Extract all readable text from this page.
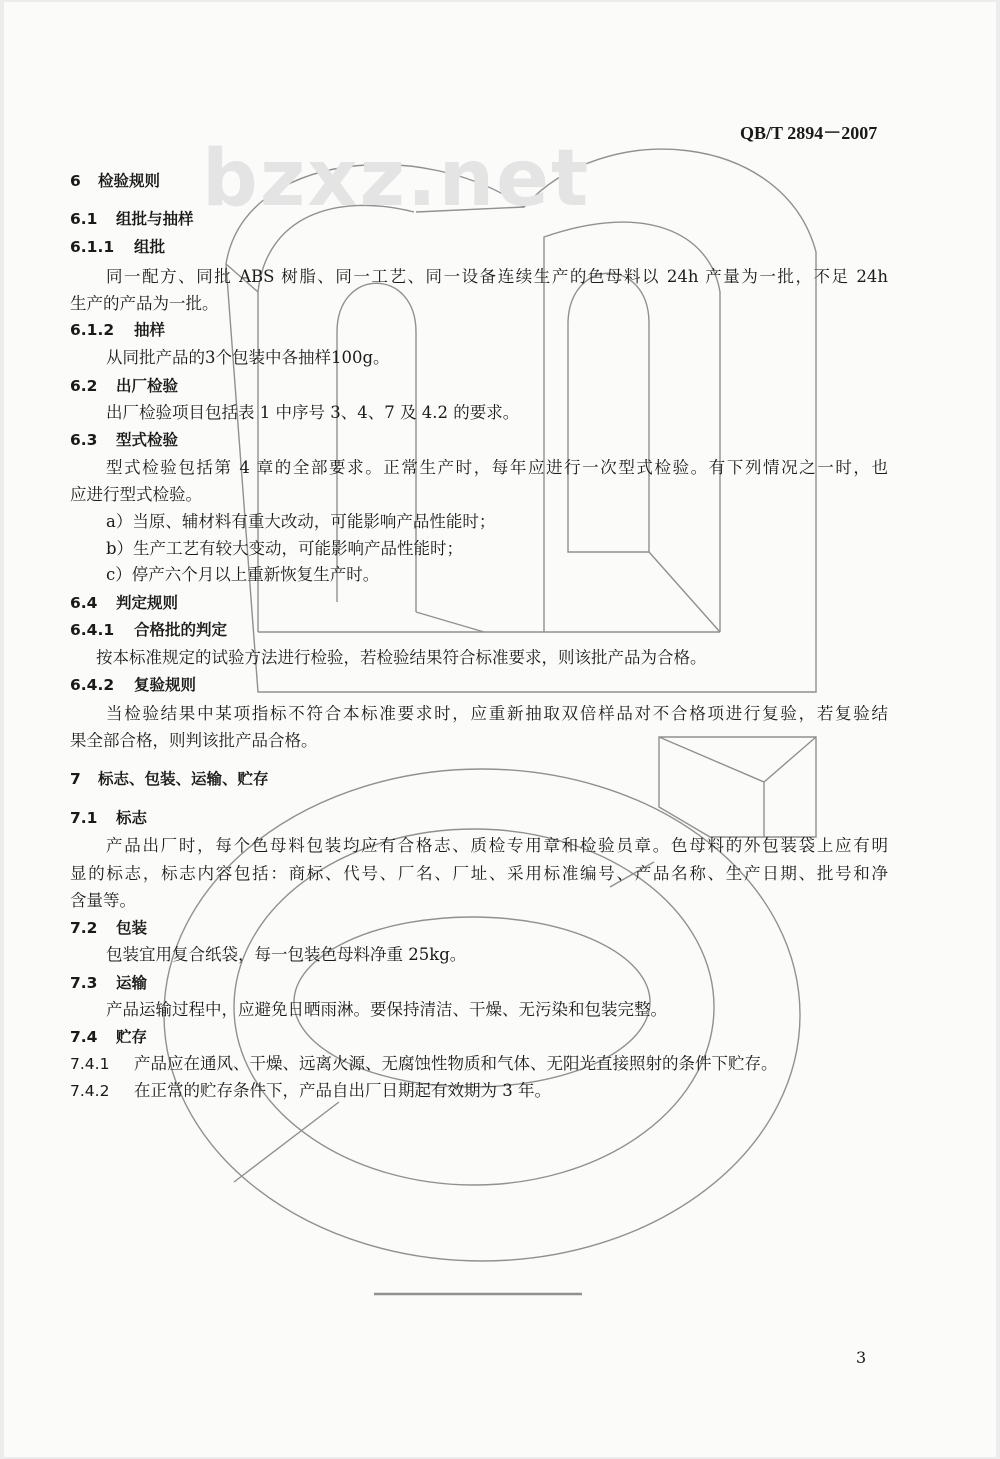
bzxz.net
QB/T 2894－2007
6 检验规则
6.1 组批与抽样
6.1.1 组批
同一配方、同批 ABS 树脂、同一工艺、同一设备连续生产的色母料以 24h 产量为一批，不足 24h
生产的产品为一批。
6.1.2 抽样
从同批产品的3个包装中各抽样100g。
6.2 出厂检验
出厂检验项目包括表 1 中序号 3、4、7 及 4.2 的要求。
6.3 型式检验
型式检验包括第 4 章的全部要求。正常生产时，每年应进行一次型式检验。有下列情况之一时，也
应进行型式检验。
a）当原、辅材料有重大改动，可能影响产品性能时；
b）生产工艺有较大变动，可能影响产品性能时；
c）停产六个月以上重新恢复生产时。
6.4 判定规则
6.4.1 合格批的判定
按本标准规定的试验方法进行检验，若检验结果符合标准要求，则该批产品为合格。
6.4.2 复验规则
当检验结果中某项指标不符合本标准要求时，应重新抽取双倍样品对不合格项进行复验，若复验结
果全部合格，则判该批产品合格。
7 标志、包装、运输、贮存
7.1 标志
产品出厂时，每个色母料包装均应有合格志、质检专用章和检验员章。色母料的外包装袋上应有明
显的标志，标志内容包括：商标、代号、厂名、厂址、采用标准编号、产品名称、生产日期、批号和净
含量等。
7.2 包装
包装宜用复合纸袋，每一包装色母料净重 25kg。
7.3 运输
产品运输过程中，应避免日晒雨淋。要保持清洁、干燥、无污染和包装完整。
7.4 贮存
7.4.1 产品应在通风、干燥、远离火源、无腐蚀性物质和气体、无阳光直接照射的条件下贮存。
7.4.2 在正常的贮存条件下，产品自出厂日期起有效期为 3 年。
3
